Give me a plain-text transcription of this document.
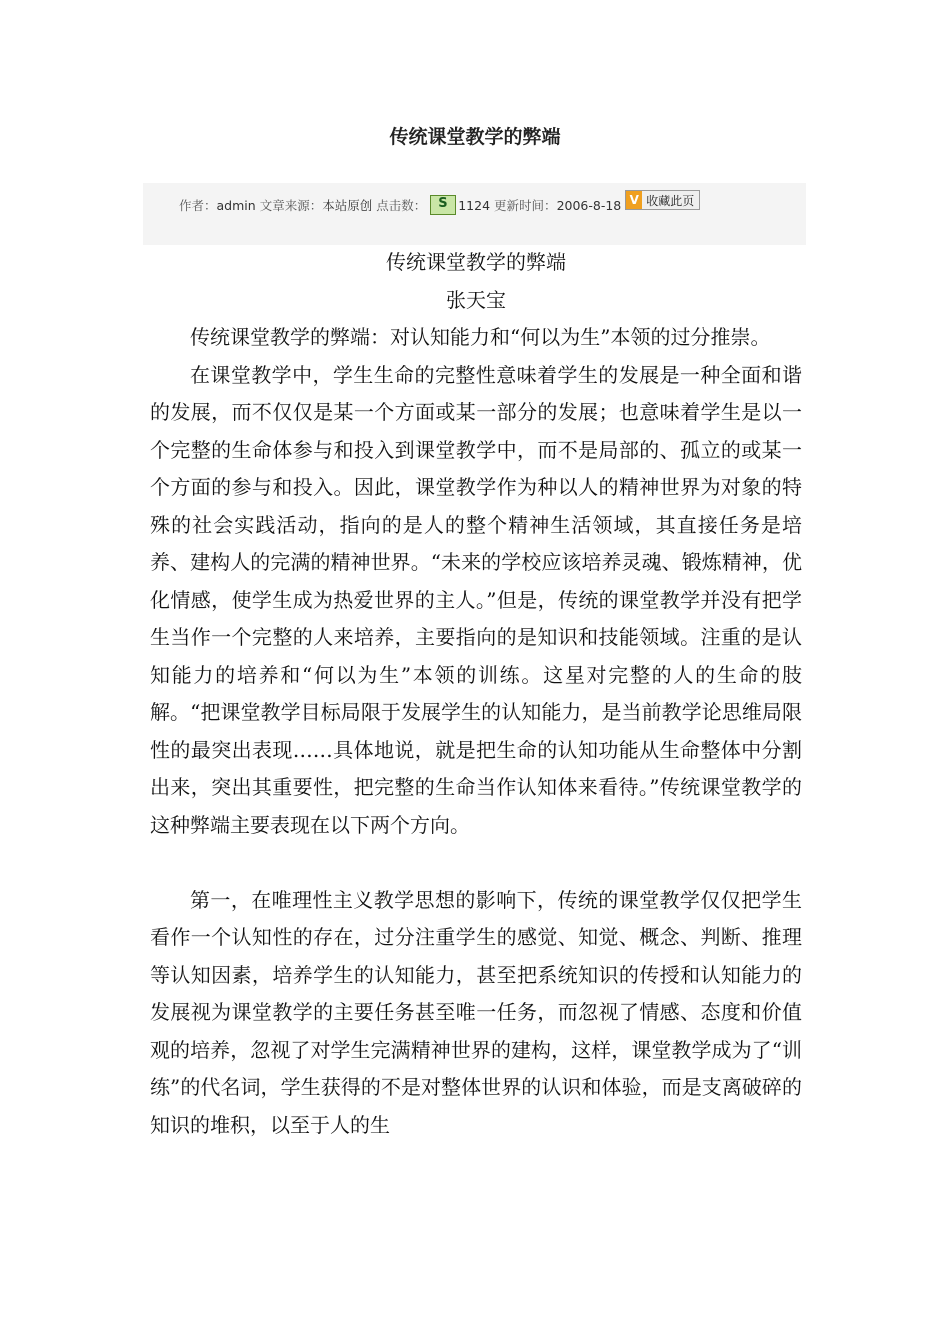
传统课堂教学的弊端
作者： admin 文章来源： 本站原创 点击数：
S	1124 更新时间： 2006-8-18 V 收藏此页
传统课堂教学的弊端
张天宝

传统课堂教学的弊端：对认知能力和“何以为生”本领的过分推崇。

在课堂教学中，学生生命的完整性意味着学生的发展是一种全面和谐的发展，而不仅仅是某一个方面或某一部分的发展；也意味着学生是以一个完整的生命体参与和投入到课堂教学中，而不是局部的、孤立的或某一个方面的参与和投入。因此，课堂教学作为种以人的精神世界为对象的特殊的社会实践活动，指向的是人的整个精神生活领域，其直接任务是培养、建构人的完满的精神世界。“未来的学校应该培养灵魂、锻炼精神，优化情感，使学生成为热爱世界的主人。”但是，传统的课堂教学并没有把学生当作一个完整的人来培养，主要指向的是知识和技能领域。注重的是认知能力的培养和“何以为生”本领的训练。这星对完整的人的生命的肢解。“把课堂教学目标局限于发展学生的认知能力，是当前教学论思维局限性的最突出表现……具体地说，就是把生命的认知功能从生命整体中分割出来，突出其重要性，把完整的生命当作认知体来看待。”传统课堂教学的这种弊端主要表现在以下两个方向。

第一，在唯理性主义教学思想的影响下，传统的课堂教学仅仅把学生看作一个认知性的存在，过分注重学生的感觉、知觉、概念、判断、推理等认知因素，培养学生的认知能力，甚至把系统知识的传授和认知能力的发展视为课堂教学的主要任务甚至唯一任务，而忽视了情感、态度和价值观的培养，忽视了对学生完满精神世界的建构，这样，课堂教学成为了“训练”的代名词，学生获得的不是对整体世界的认识和体验，而是支离破碎的知识的堆积，以至于人的生
